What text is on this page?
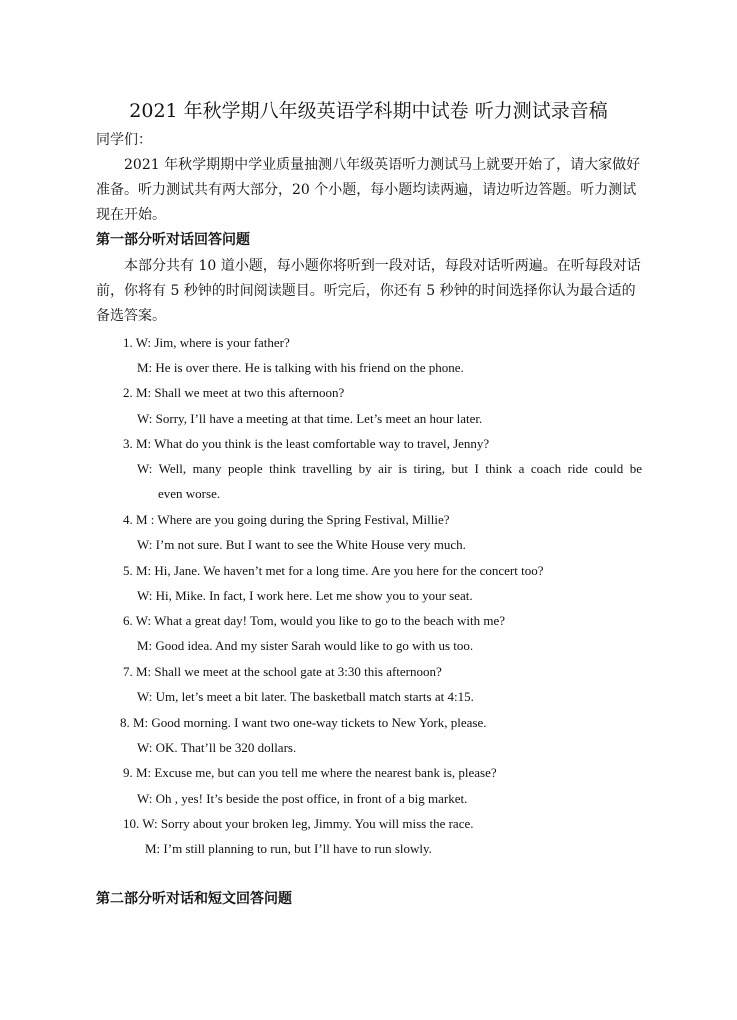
2021 年秋学期八年级英语学科期中试卷 听力测试录音稿

同学们：

2021 年秋学期期中学业质量抽测八年级英语听力测试马上就要开始了，请大家做好准备。听力测试共有两大部分，20 个小题，每小题均读两遍，请边听边答题。听力测试现在开始。

第一部分听对话回答问题

本部分共有 10 道小题，每小题你将听到一段对话，每段对话听两遍。在听每段对话前，你将有 5 秒钟的时间阅读题目。听完后，你还有 5 秒钟的时间选择你认为最合适的备选答案。

1. W: Jim, where is your father?

M: He is over there. He is talking with his friend on the phone.

2. M: Shall we meet at two this afternoon?

W: Sorry, I’ll have a meeting at that time. Let’s meet an hour later.

3. M: What do you think is the least comfortable way to travel, Jenny?

W: Well, many people think travelling by air is tiring, but I think a coach ride could be

even worse.

4. M : Where are you going during the Spring Festival, Millie?

W: I’m not sure. But I want to see the White House very much.

5. M: Hi, Jane. We haven’t met for a long time. Are you here for the concert too?

W: Hi, Mike. In fact, I work here. Let me show you to your seat.

6. W: What a great day! Tom, would you like to go to the beach with me?

M: Good idea. And my sister Sarah would like to go with us too.

7. M: Shall we meet at the school gate at 3:30 this afternoon?

W: Um, let’s meet a bit later. The basketball match starts at 4:15.

8. M: Good morning. I want two one-way tickets to New York, please.

W: OK. That’ll be 320 dollars.

9. M: Excuse me, but can you tell me where the nearest bank is, please?

W: Oh , yes! It’s beside the post office, in front of a big market.

10. W: Sorry about your broken leg, Jimmy. You will miss the race.

M: I’m still planning to run, but I’ll have to run slowly.

第二部分听对话和短文回答问题
